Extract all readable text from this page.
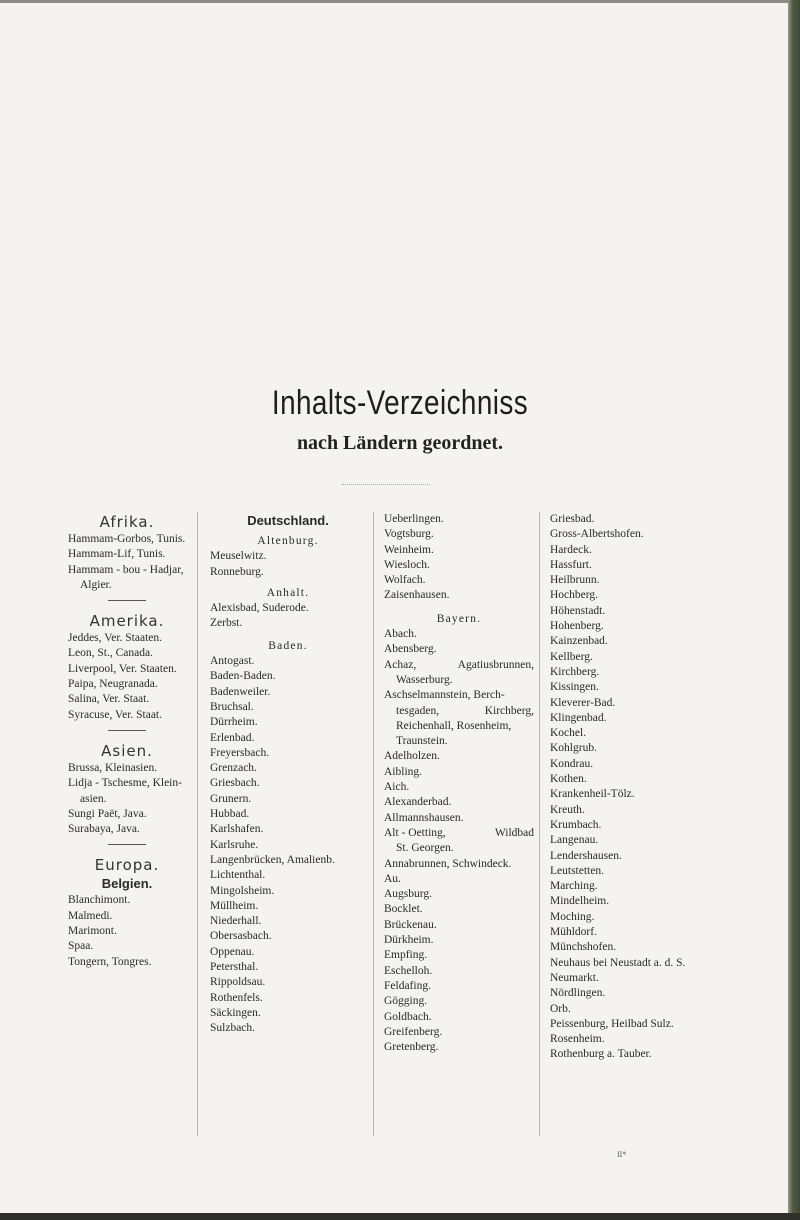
Inhalts-Verzeichniss
nach Ländern geordnet.
Afrika.
Hammam-Gorbos, Tunis.
Hammam-Lif, Tunis.
Hammam - bou - Hadjar,
Algier.
Amerika.
Jeddes, Ver. Staaten.
Leon, St., Canada.
Liverpool, Ver. Staaten.
Paipa, Neugranada.
Salina, Ver. Staat.
Syracuse, Ver. Staat.
Asien.
Brussa, Kleinasien.
Lidja - Tschesme, Klein-
asien.
Sungi Paët, Java.
Surabaya, Java.
Europa.
Belgien.
Blanchimont.
Malmedi.
Marimont.
Spaa.
Tongern, Tongres.
Deutschland.
Altenburg.
Meuselwitz.
Ronneburg.
Anhalt.
Alexisbad, Suderode.
Zerbst.
Baden.
Antogast.
Baden-Baden.
Badenweiler.
Bruchsal.
Dürrheim.
Erlenbad.
Freyersbach.
Grenzach.
Griesbach.
Grunern.
Hubbad.
Karlshafen.
Karlsruhe.
Langenbrücken, Amalienb.
Lichtenthal.
Mingolsheim.
Müllheim.
Niederhall.
Obersasbach.
Oppenau.
Petersthal.
Rippoldsau.
Rothenfels.
Säckingen.
Sulzbach.
Ueberlingen.
Vogtsburg.
Weinheim.
Wiesloch.
Wolfach.
Zaisenhausen.
Bayern.
Abach.
Abensberg.
Achaz,	Agatiusbrunnen,
Wasserburg.
Aschselmannstein, Berch-
tesgaden,	Kirchberg,
Reichenhall, Rosenheim,
Traunstein.
Adelholzen.
Aibling.
Aich.
Alexanderbad.
Allmannshausen.
Alt - Oetting,	Wildbad
St. Georgen.
Annabrunnen, Schwindeck.
Au.
Augsburg.
Bocklet.
Brückenau.
Dürkheim.
Empfing.
Eschelloh.
Feldafing.
Gögging.
Goldbach.
Greifenberg.
Gretenberg.
Griesbad.
Gross-Albertshofen.
Hardeck.
Hassfurt.
Heilbrunn.
Hochberg.
Höhenstadt.
Hohenberg.
Kainzenbad.
Kellberg.
Kirchberg.
Kissingen.
Kleverer-Bad.
Klingenbad.
Kochel.
Kohlgrub.
Kondrau.
Kothen.
Krankenheil-Tölz.
Kreuth.
Krumbach.
Langenau.
Lendershausen.
Leutstetten.
Marching.
Mindelheim.
Moching.
Mühldorf.
Münchshofen.
Neuhaus bei Neustadt a. d. S.
Neumarkt.
Nördlingen.
Orb.
Peissenburg, Heilbad Sulz.
Rosenheim.
Rothenburg a. Tauber.
II*
